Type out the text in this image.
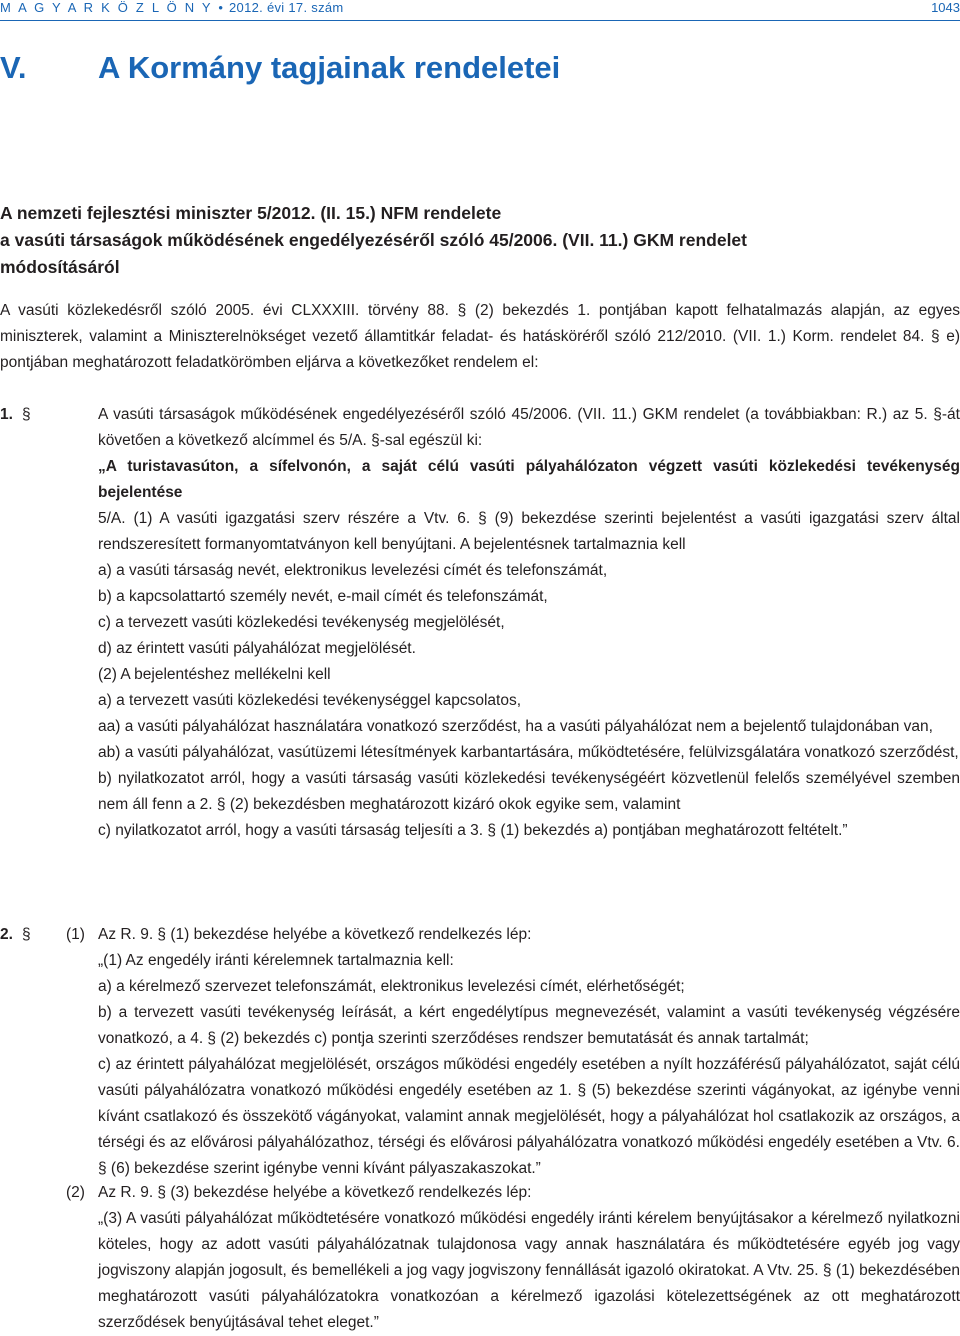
M A G Y A R K Ö Z L Ö N Y • 2012. évi 17. szám	1043
V. A Kormány tagjainak rendeletei
A nemzeti fejlesztési miniszter 5/2012. (II. 15.) NFM rendelete
a vasúti társaságok működésének engedélyezéséről szóló 45/2006. (VII. 11.) GKM rendelet
módosításáról
A vasúti közlekedésről szóló 2005. évi CLXXXIII. törvény 88. § (2) bekezdés 1. pontjában kapott felhatalmazás alapján, az egyes miniszterek, valamint a Miniszterelnökséget vezető államtitkár feladat- és hatásköréről szóló 212/2010. (VII. 1.) Korm. rendelet 84. § e) pontjában meghatározott feladatkörömben eljárva a következőket rendelem el:
1. §	A vasúti társaságok működésének engedélyezéséről szóló 45/2006. (VII. 11.) GKM rendelet (a továbbiakban: R.) az 5. §-át követően a következő alcímmel és 5/A. §-sal egészül ki:

„A turistavasúton, a sífelvonón, a saját célú vasúti pályahálózaton végzett vasúti közlekedési tevékenység bejelentése

5/A. (1) A vasúti igazgatási szerv részére a Vtv. 6. § (9) bekezdése szerinti bejelentést a vasúti igazgatási szerv által rendszeresített formanyomtatványon kell benyújtani. A bejelentésnek tartalmaznia kell

a) a vasúti társaság nevét, elektronikus levelezési címét és telefonszámát,

b) a kapcsolattartó személy nevét, e-mail címét és telefonszámát,

c) a tervezett vasúti közlekedési tevékenység megjelölését,

d) az érintett vasúti pályahálózat megjelölését.

(2) A bejelentéshez mellékelni kell

a) a tervezett vasúti közlekedési tevékenységgel kapcsolatos,

aa) a vasúti pályahálózat használatára vonatkozó szerződést, ha a vasúti pályahálózat nem a bejelentő tulajdonában van,

ab) a vasúti pályahálózat, vasútüzemi létesítmények karbantartására, működtetésére, felülvizsgálatára vonatkozó szerződést,

b) nyilatkozatot arról, hogy a vasúti társaság vasúti közlekedési tevékenységéért közvetlenül felelős személyével szemben nem áll fenn a 2. § (2) bekezdésben meghatározott kizáró okok egyike sem, valamint

c) nyilatkozatot arról, hogy a vasúti társaság teljesíti a 3. § (1) bekezdés a) pontjában meghatározott feltételt.”

2. § (1) Az R. 9. § (1) bekezdése helyébe a következő rendelkezés lép:

„(1) Az engedély iránti kérelemnek tartalmaznia kell:

a) a kérelmező szervezet telefonszámát, elektronikus levelezési címét, elérhetőségét;

b) a tervezett vasúti tevékenység leírását, a kért engedélytípus megnevezését, valamint a vasúti tevékenység végzésére vonatkozó, a 4. § (2) bekezdés c) pontja szerinti szerződéses rendszer bemutatását és annak tartalmát;

c) az érintett pályahálózat megjelölését, országos működési engedély esetében a nyílt hozzáférésű pályahálózatot, saját célú vasúti pályahálózatra vonatkozó működési engedély esetében az 1. § (5) bekezdése szerinti vágányokat, az igénybe venni kívánt csatlakozó és összekötő vágányokat, valamint annak megjelölését, hogy a pályahálózat hol csatlakozik az országos, a térségi és az elővárosi pályahálózathoz, térségi és elővárosi pályahálózatra vonatkozó működési engedély esetében a Vtv. 6. § (6) bekezdése szerint igénybe venni kívánt pályaszakaszokat.”

(2) Az R. 9. § (3) bekezdése helyébe a következő rendelkezés lép:

„(3) A vasúti pályahálózat működtetésére vonatkozó működési engedély iránti kérelem benyújtásakor a kérelmező nyilatkozni köteles, hogy az adott vasúti pályahálózatnak tulajdonosa vagy annak használatára és működtetésére egyéb jog vagy jogviszony alapján jogosult, és bemellékeli a jog vagy jogviszony fennállását igazoló okiratokat. A Vtv. 25. § (1) bekezdésében meghatározott vasúti pályahálózatokra vonatkozóan a kérelmező igazolási kötelezettségének az ott meghatározott szerződések benyújtásával tehet eleget.”
